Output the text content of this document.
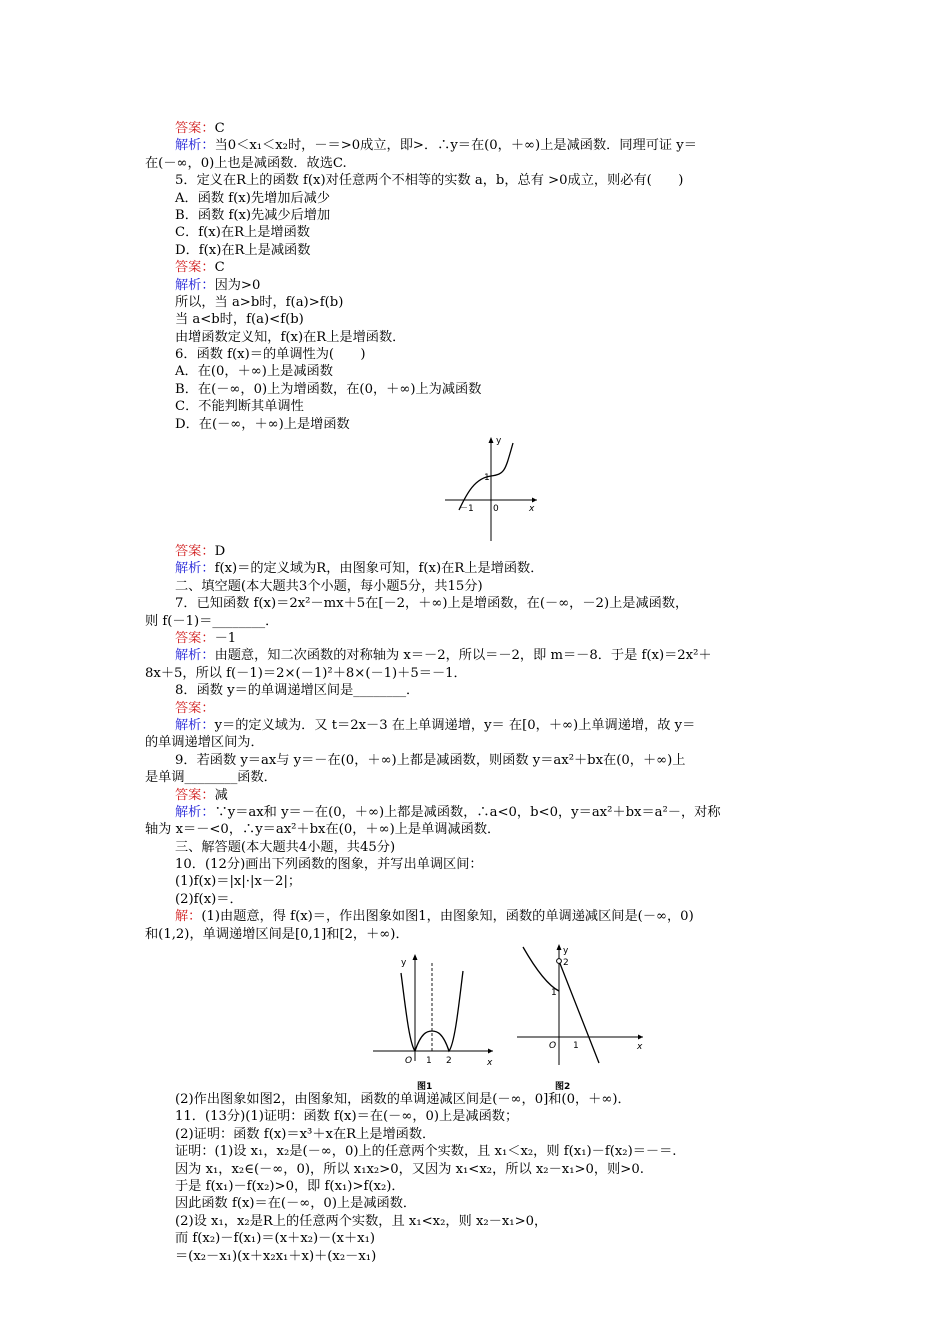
答案：C
解析：当0＜x₁＜x₂时，－＝>0成立，即>．∴y＝在(0，＋∞)上是减函数．同理可证 y＝
在(－∞，0)上也是减函数．故选C.
5．定义在R上的函数 f(x)对任意两个不相等的实数 a，b，总有 >0成立，则必有(　　)
A．函数 f(x)先增加后减少
B．函数 f(x)先减少后增加
C．f(x)在R上是增函数
D．f(x)在R上是减函数
答案：C
解析：因为>0
所以，当 a>b时，f(a)>f(b)
当 a<b时，f(a)<f(b)
由增函数定义知，f(x)在R上是增函数．
6．函数 f(x)＝的单调性为(　　)
A．在(0，＋∞)上是减函数
B．在(－∞，0)上为增函数，在(0，＋∞)上为减函数
C．不能判断其单调性
D．在(－∞，＋∞)上是增函数
y
x
1
0
－1
答案：D
解析：f(x)＝的定义域为R，由图象可知，f(x)在R上是增函数．
二、填空题(本大题共3个小题，每小题5分，共15分)
7．已知函数 f(x)＝2x²－mx＋5在[－2，＋∞)上是增函数，在(－∞，－2)上是减函数，
则 f(－1)＝________．
答案：－1
解析：由题意，知二次函数的对称轴为 x＝－2，所以＝－2，即 m＝－8．于是 f(x)＝2x²＋
8x＋5，所以 f(－1)＝2×(－1)²＋8×(－1)＋5＝－1．
8．函数 y＝的单调递增区间是________．
答案：
解析：y＝的定义域为．又 t＝2x－3 在上单调递增，y＝ 在[0，＋∞)上单调递增，故 y＝
的单调递增区间为．
9．若函数 y＝ax与 y＝－在(0，＋∞)上都是减函数，则函数 y＝ax²＋bx在(0，＋∞)上
是单调________函数．
答案：减
解析：∵y＝ax和 y＝－在(0，＋∞)上都是减函数，∴a<0，b<0，y＝ax²＋bx＝a²－，对称
轴为 x＝－<0，∴y＝ax²＋bx在(0，＋∞)上是单调减函数．
三、解答题(本大题共4小题，共45分)
10．(12分)画出下列函数的图象，并写出单调区间：
(1)f(x)＝|x|·|x－2|；
(2)f(x)＝．
解：(1)由题意，得 f(x)＝，作出图象如图1，由图象知，函数的单调递减区间是(－∞，0)
和(1,2)，单调递增区间是[0,1]和[2，＋∞)．
y
x
O 1 2
图1
y
x
O
2
1
1
图2
(2)作出图象如图2，由图象知，函数的单调递减区间是(－∞，0]和(0，＋∞)．
11．(13分)(1)证明：函数 f(x)＝在(－∞，0)上是减函数；
(2)证明：函数 f(x)＝x³＋x在R上是增函数．
证明：(1)设 x₁，x₂是(－∞，0)上的任意两个实数，且 x₁＜x₂，则 f(x₁)－f(x₂)＝－＝.
因为 x₁，x₂∈(－∞，0)，所以 x₁x₂>0，又因为 x₁<x₂，所以 x₂－x₁>0，则>0.
于是 f(x₁)－f(x₂)>0，即 f(x₁)>f(x₂)．
因此函数 f(x)＝在(－∞，0)上是减函数．
(2)设 x₁，x₂是R上的任意两个实数，且 x₁<x₂，则 x₂－x₁>0，
而 f(x₂)－f(x₁)＝(x＋x₂)－(x＋x₁)
＝(x₂－x₁)(x＋x₂x₁＋x)＋(x₂－x₁)
